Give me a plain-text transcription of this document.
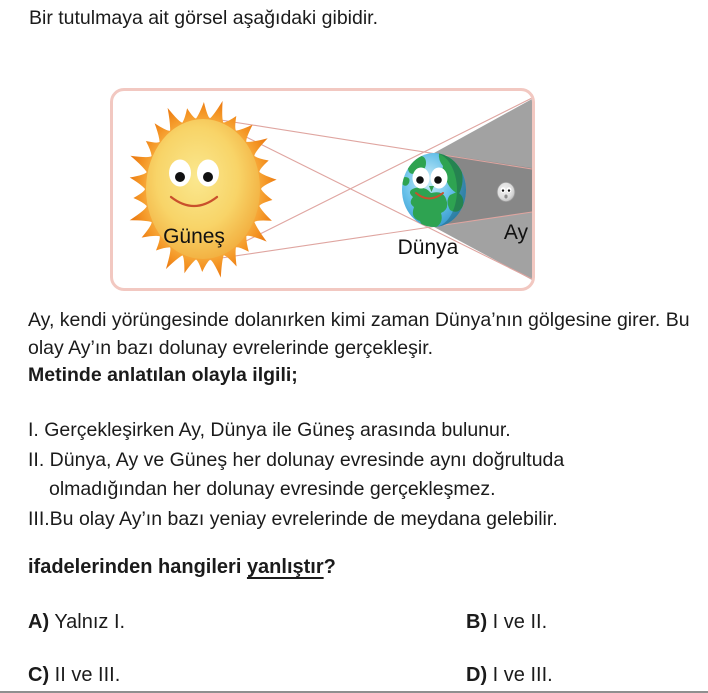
Bir tutulmaya ait görsel aşağıdaki gibidir.
Güneş	Dünya
Ay
Ay, kendi yörüngesinde dolanırken kimi zaman Dünya’nın gölgesine girer. Bu olay Ay’ın bazı dolunay evrelerinde gerçekleşir.
Metinde anlatılan olayla ilgili;
I. Gerçekleşirken Ay, Dünya ile Güneş arasında bulunur.
II. Dünya, Ay ve Güneş her dolunay evresinde aynı doğrultuda olmadığından her dolunay evresinde gerçekleşmez.
III.Bu olay Ay’ın bazı yeniay evrelerinde de meydana gelebilir.
ifadelerinden hangileri yanlıştır?
A) Yalnız I.	B) I ve II.
C) II ve III.	D) I ve III.
